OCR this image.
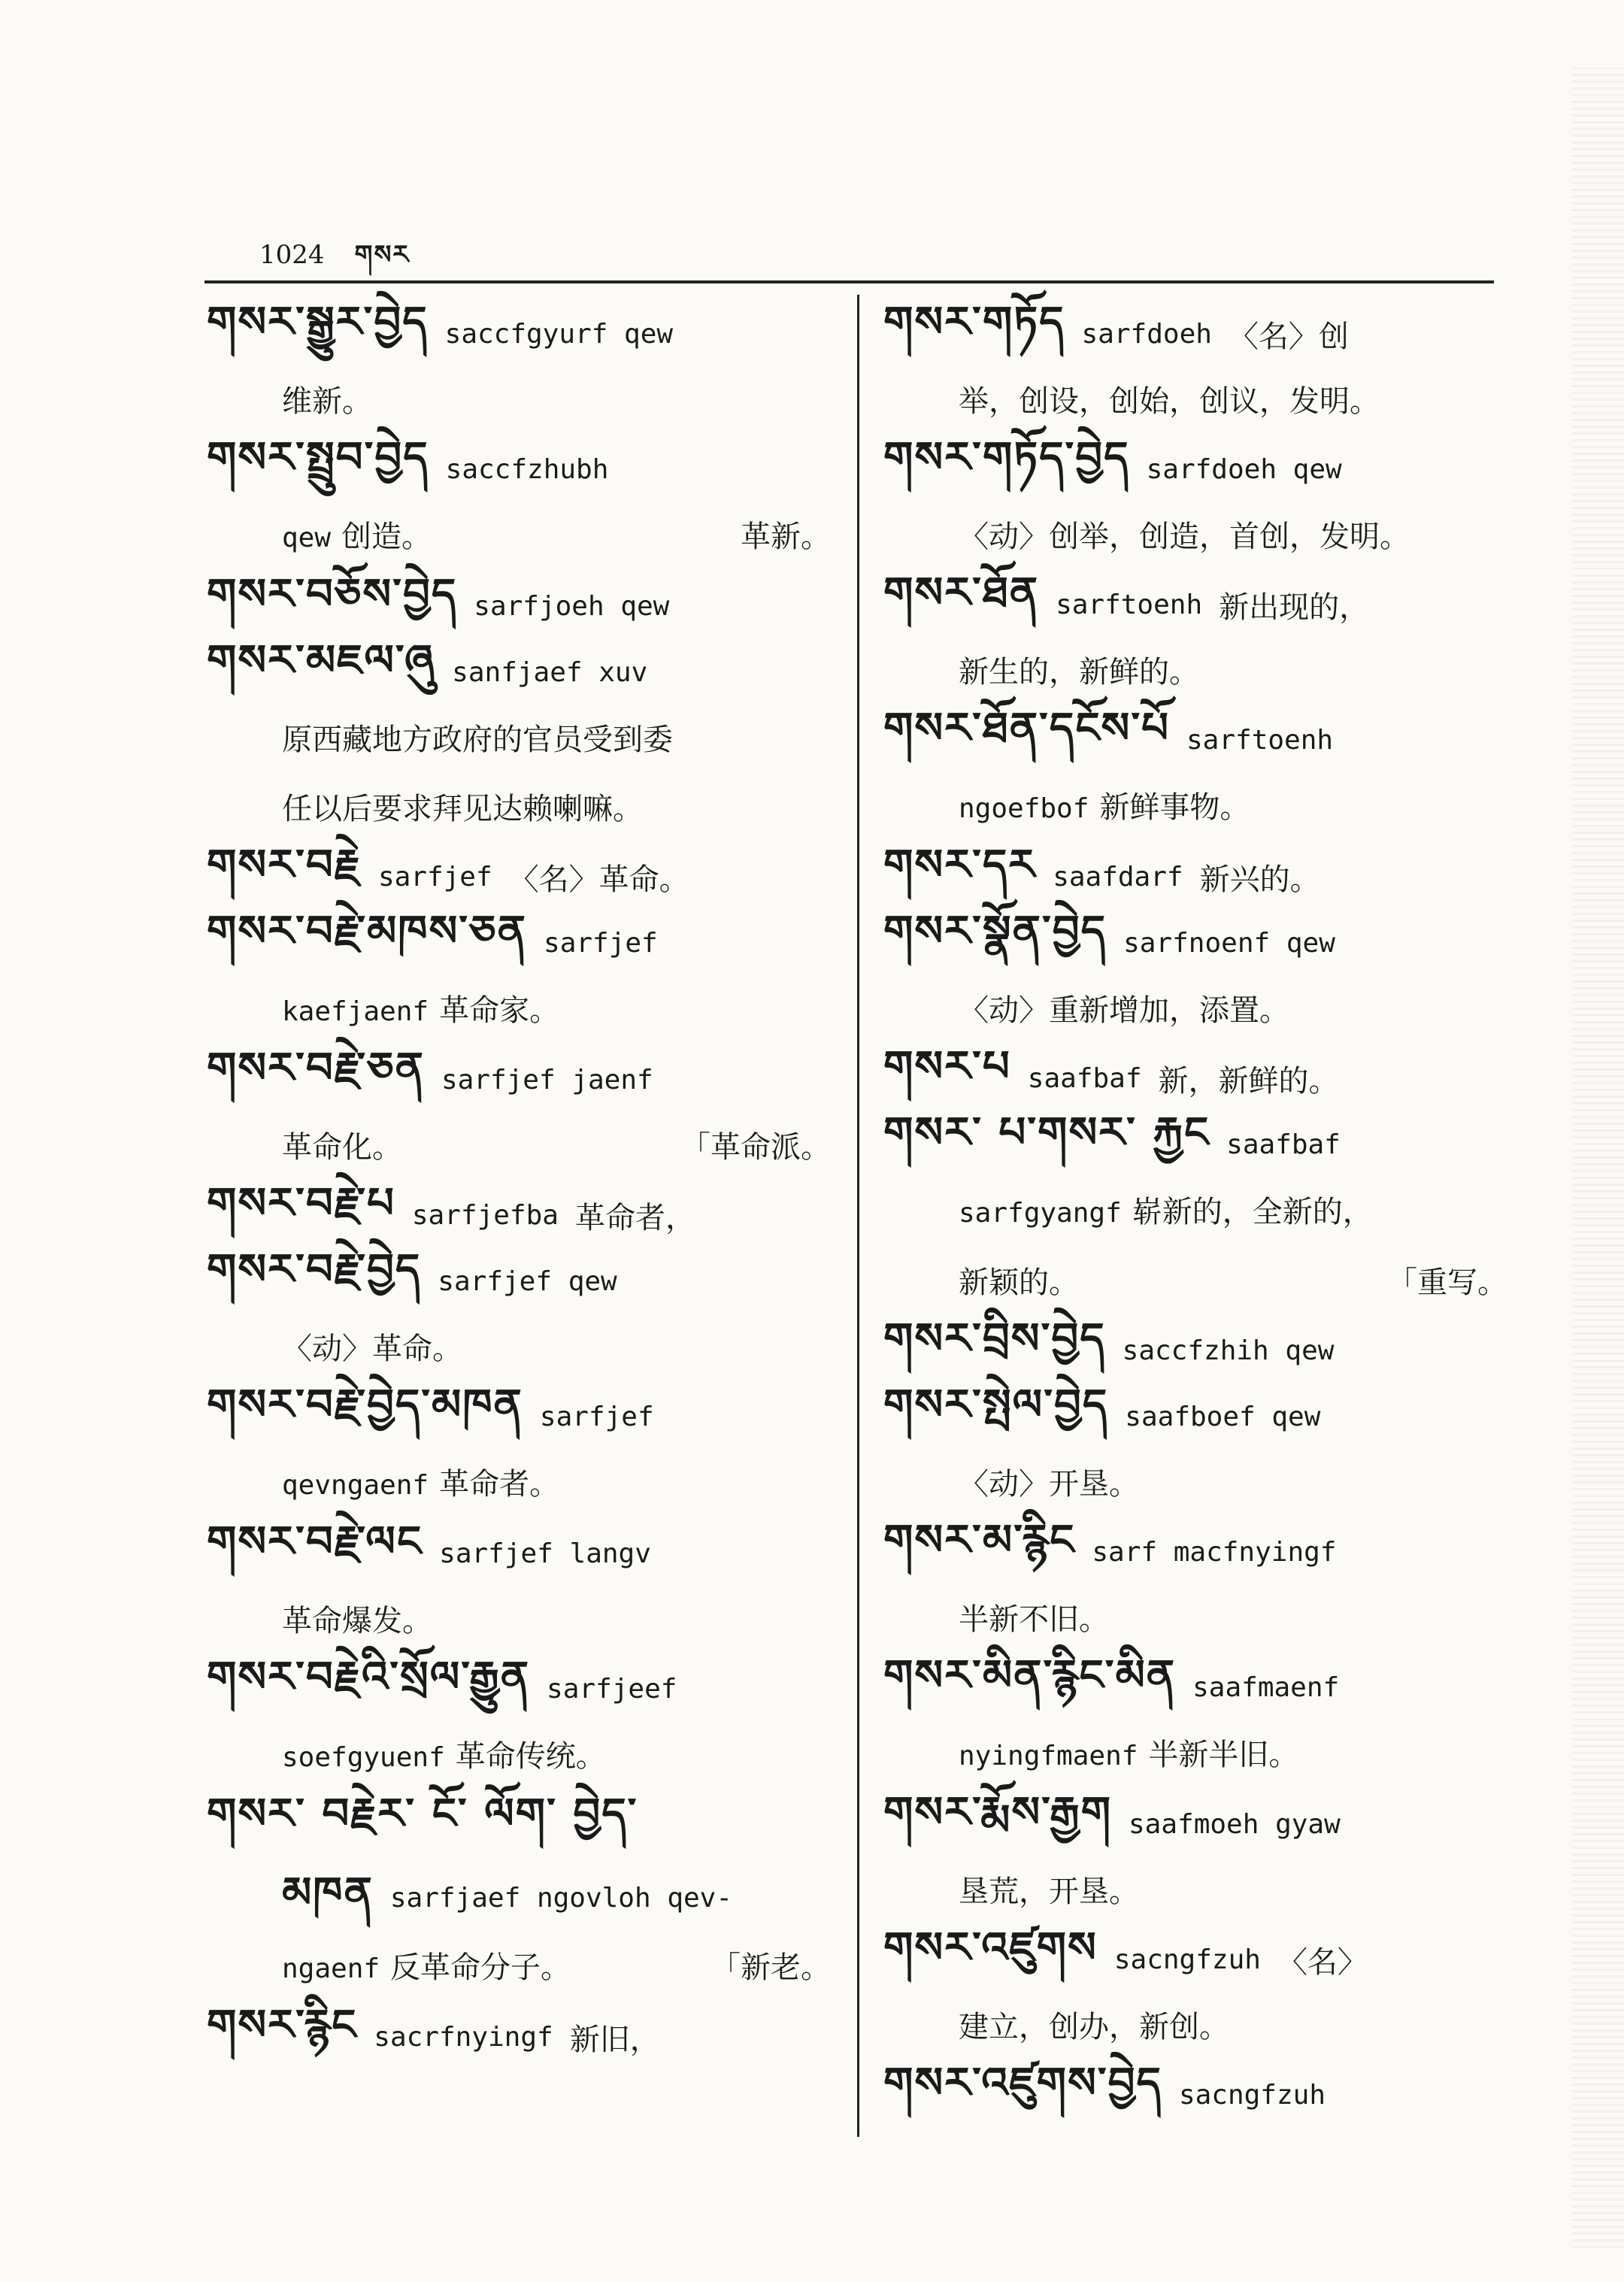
1024 གསར
གསར་སྒྱུར་བྱེད saccfgyurf qew
维新。
གསར་སྤྲུབ་བྱེད saccfzhubh
qew 创造。	革新。
གསར་བཅོས་བྱེད sarfjoeh qew
གསར་མཇལ་ཞུ sanfjaef xuv
原西藏地方政府的官员受到委
任以后要求拜见达赖喇嘛。
གསར་བརྗེ sarfjef 〈名〉革命。
གསར་བརྗེ་མཁས་ཅན sarfjef
kaefjaenf 革命家。
གསར་བརྗེ་ཅན sarfjef jaenf
革命化。	「革命派。
གསར་བརྗེ་པ sarfjefba 革命者，
གསར་བརྗེ་བྱེད sarfjef qew
〈动〉革命。
གསར་བརྗེ་བྱེད་མཁན sarfjef
qevngaenf 革命者。
གསར་བརྗེ་ལང sarfjef langv
革命爆发。
གསར་བརྗེའི་སྲོལ་རྒྱུན sarfjeef
soefgyuenf 革命传统。
གསར་ བརྗེར་ ངོ་ ལོག་ བྱེད་
མཁན sarfjaef ngovloh qev-
ngaenf 反革命分子。	「新老。
གསར་རྙིང sacrfnyingf 新旧，
གསར་གཏོད sarfdoeh 〈名〉创
举，创设，创始，创议，发明。
གསར་གཏོད་བྱེད sarfdoeh qew
〈动〉创举，创造，首创，发明。
གསར་ཐོན sarftoenh 新出现的，
新生的，新鲜的。
གསར་ཐོན་དངོས་པོ sarftoenh
ngoefbof 新鲜事物。
གསར་དར saafdarf 新兴的。
གསར་སྣོན་བྱེད sarfnoenf qew
〈动〉重新增加，添置。
གསར་པ saafbaf 新，新鲜的。
གསར་ པ་གསར་ རྐྱང saafbaf
sarfgyangf 崭新的，全新的，
新颖的。	「重写。
གསར་བྲིས་བྱེད saccfzhih qew
གསར་སྤེལ་བྱེད saafboef qew
〈动〉开垦。
གསར་མ་རྙིང sarf macfnyingf
半新不旧。
གསར་མིན་རྙིང་མིན saafmaenf
nyingfmaenf 半新半旧。
གསར་རྨོས་རྒྱག saafmoeh gyaw
垦荒，开垦。
གསར་འཛུགས sacngfzuh 〈名〉
建立，创办，新创。
གསར་འཛུགས་བྱེད sacngfzuh
